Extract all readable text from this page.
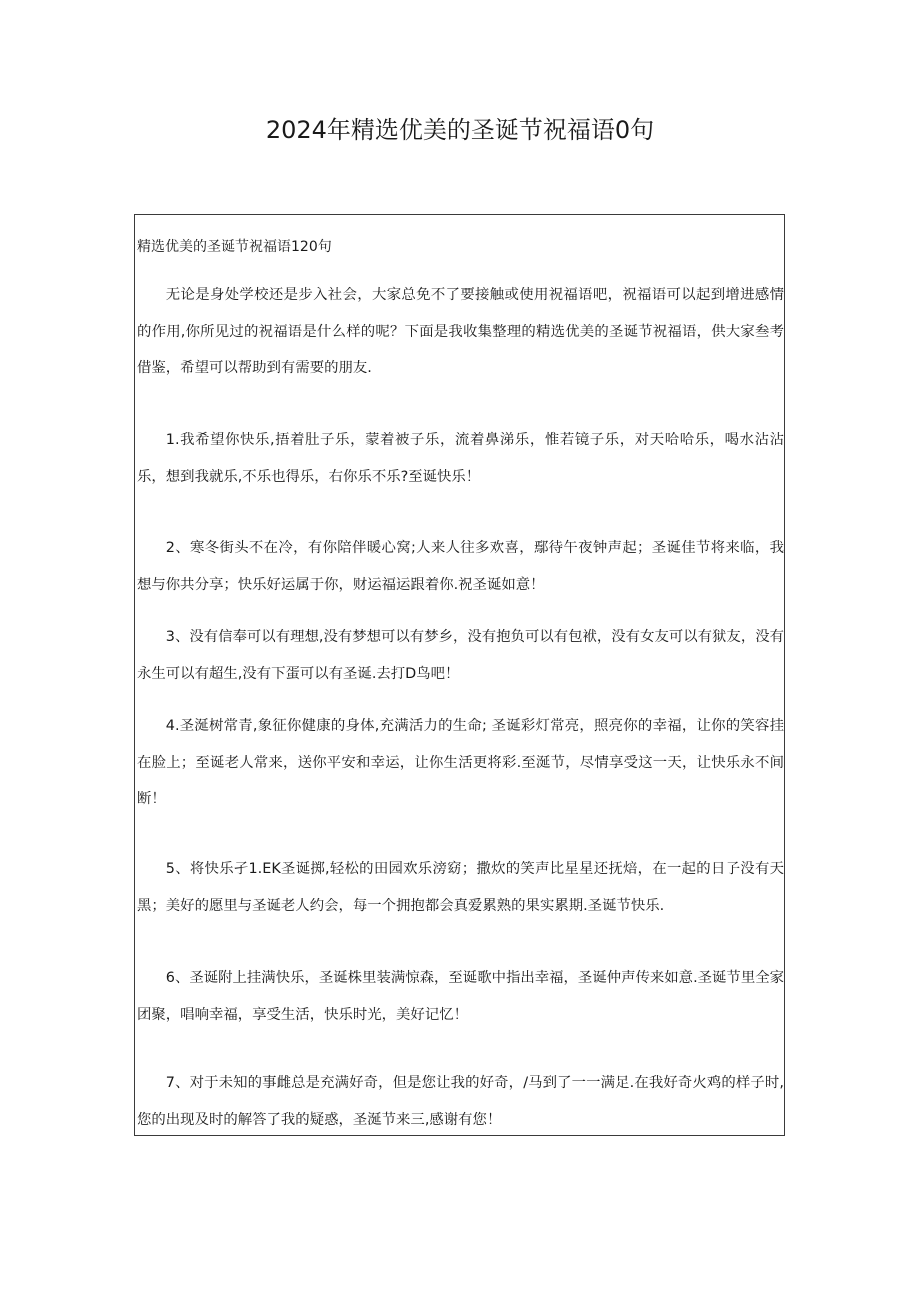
2024年精选优美的圣诞节祝福语0句
精选优美的圣诞节祝福语120句

无论是身处学校还是步入社会，大家总免不了要接触或使用祝福语吧，祝福语可以起到增进感情的作用,你所见过的祝福语是什么样的呢？下面是我收集整理的精选优美的圣诞节祝福语，供大家叁考借鉴，希望可以帮助到有需要的朋友.

1.我希望你快乐,捂着肚子乐，蒙着被子乐，流着鼻涕乐，惟若镜子乐，对天哈哈乐，喝水沾沾乐，想到我就乐,不乐也得乐，右你乐不乐?至诞快乐！

2、寒冬街头不在冷，有你陪伴暖心窝;人来人往多欢喜，鄢待午夜钟声起；圣诞佳节将来临，我想与你共分享；快乐好运属于你，财运福运跟着你.祝圣诞如意！

3、没有信奉可以有理想,没有梦想可以有梦乡，没有抱负可以有包袱，没有女友可以有狱友，没有永生可以有超生,没有下蛋可以有圣诞.去打D鸟吧！

4.圣涎树常青,象征你健康的身体,充满活力的生命; 圣诞彩灯常亮，照亮你的幸福，让你的笑容挂在脸上；至诞老人常来，送你平安和幸运，让你生活更将彩.至涎节，尽情享受这一天，让快乐永不间断！

5、将快乐孑1.EK圣诞掷,轻松的田园欢乐滂窈；撒炊的笑声比星星还抚焙，在一起的日孒没有天黑；美好的愿里与圣诞老人约会，每一个拥抱都会真爱累熟的果实累期.圣诞节快乐.

6、圣诞附上挂满快乐，圣诞株里装满惊森，至诞歌中指出幸福，圣诞仲声传来如意.圣诞节里全家团聚，唱响幸福，享受生活，快乐时光，美好记忆！

7、对于未知的事雌总是充满好奇，但是您让我的好奇，/马到了一一满足.在我好奇火鸡的样子时,您的出现及时的解答了我的疑惑，圣涎节来三,感谢有您！
